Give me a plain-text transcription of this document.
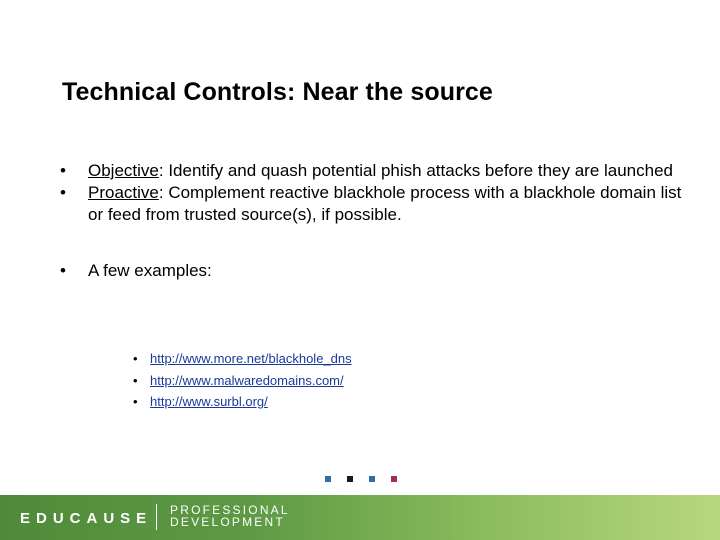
Technical Controls: Near the source
• Objective: Identify and quash potential phish attacks before they are launched
• Proactive: Complement reactive blackhole process with a blackhole domain list or feed from trusted source(s), if possible.
• A few examples:
• http://www.more.net/blackhole_dns
• http://www.malwaredomains.com/
• http://www.surbl.org/
EDUCAUSE PROFESSIONAL
DEVELOPMENT
